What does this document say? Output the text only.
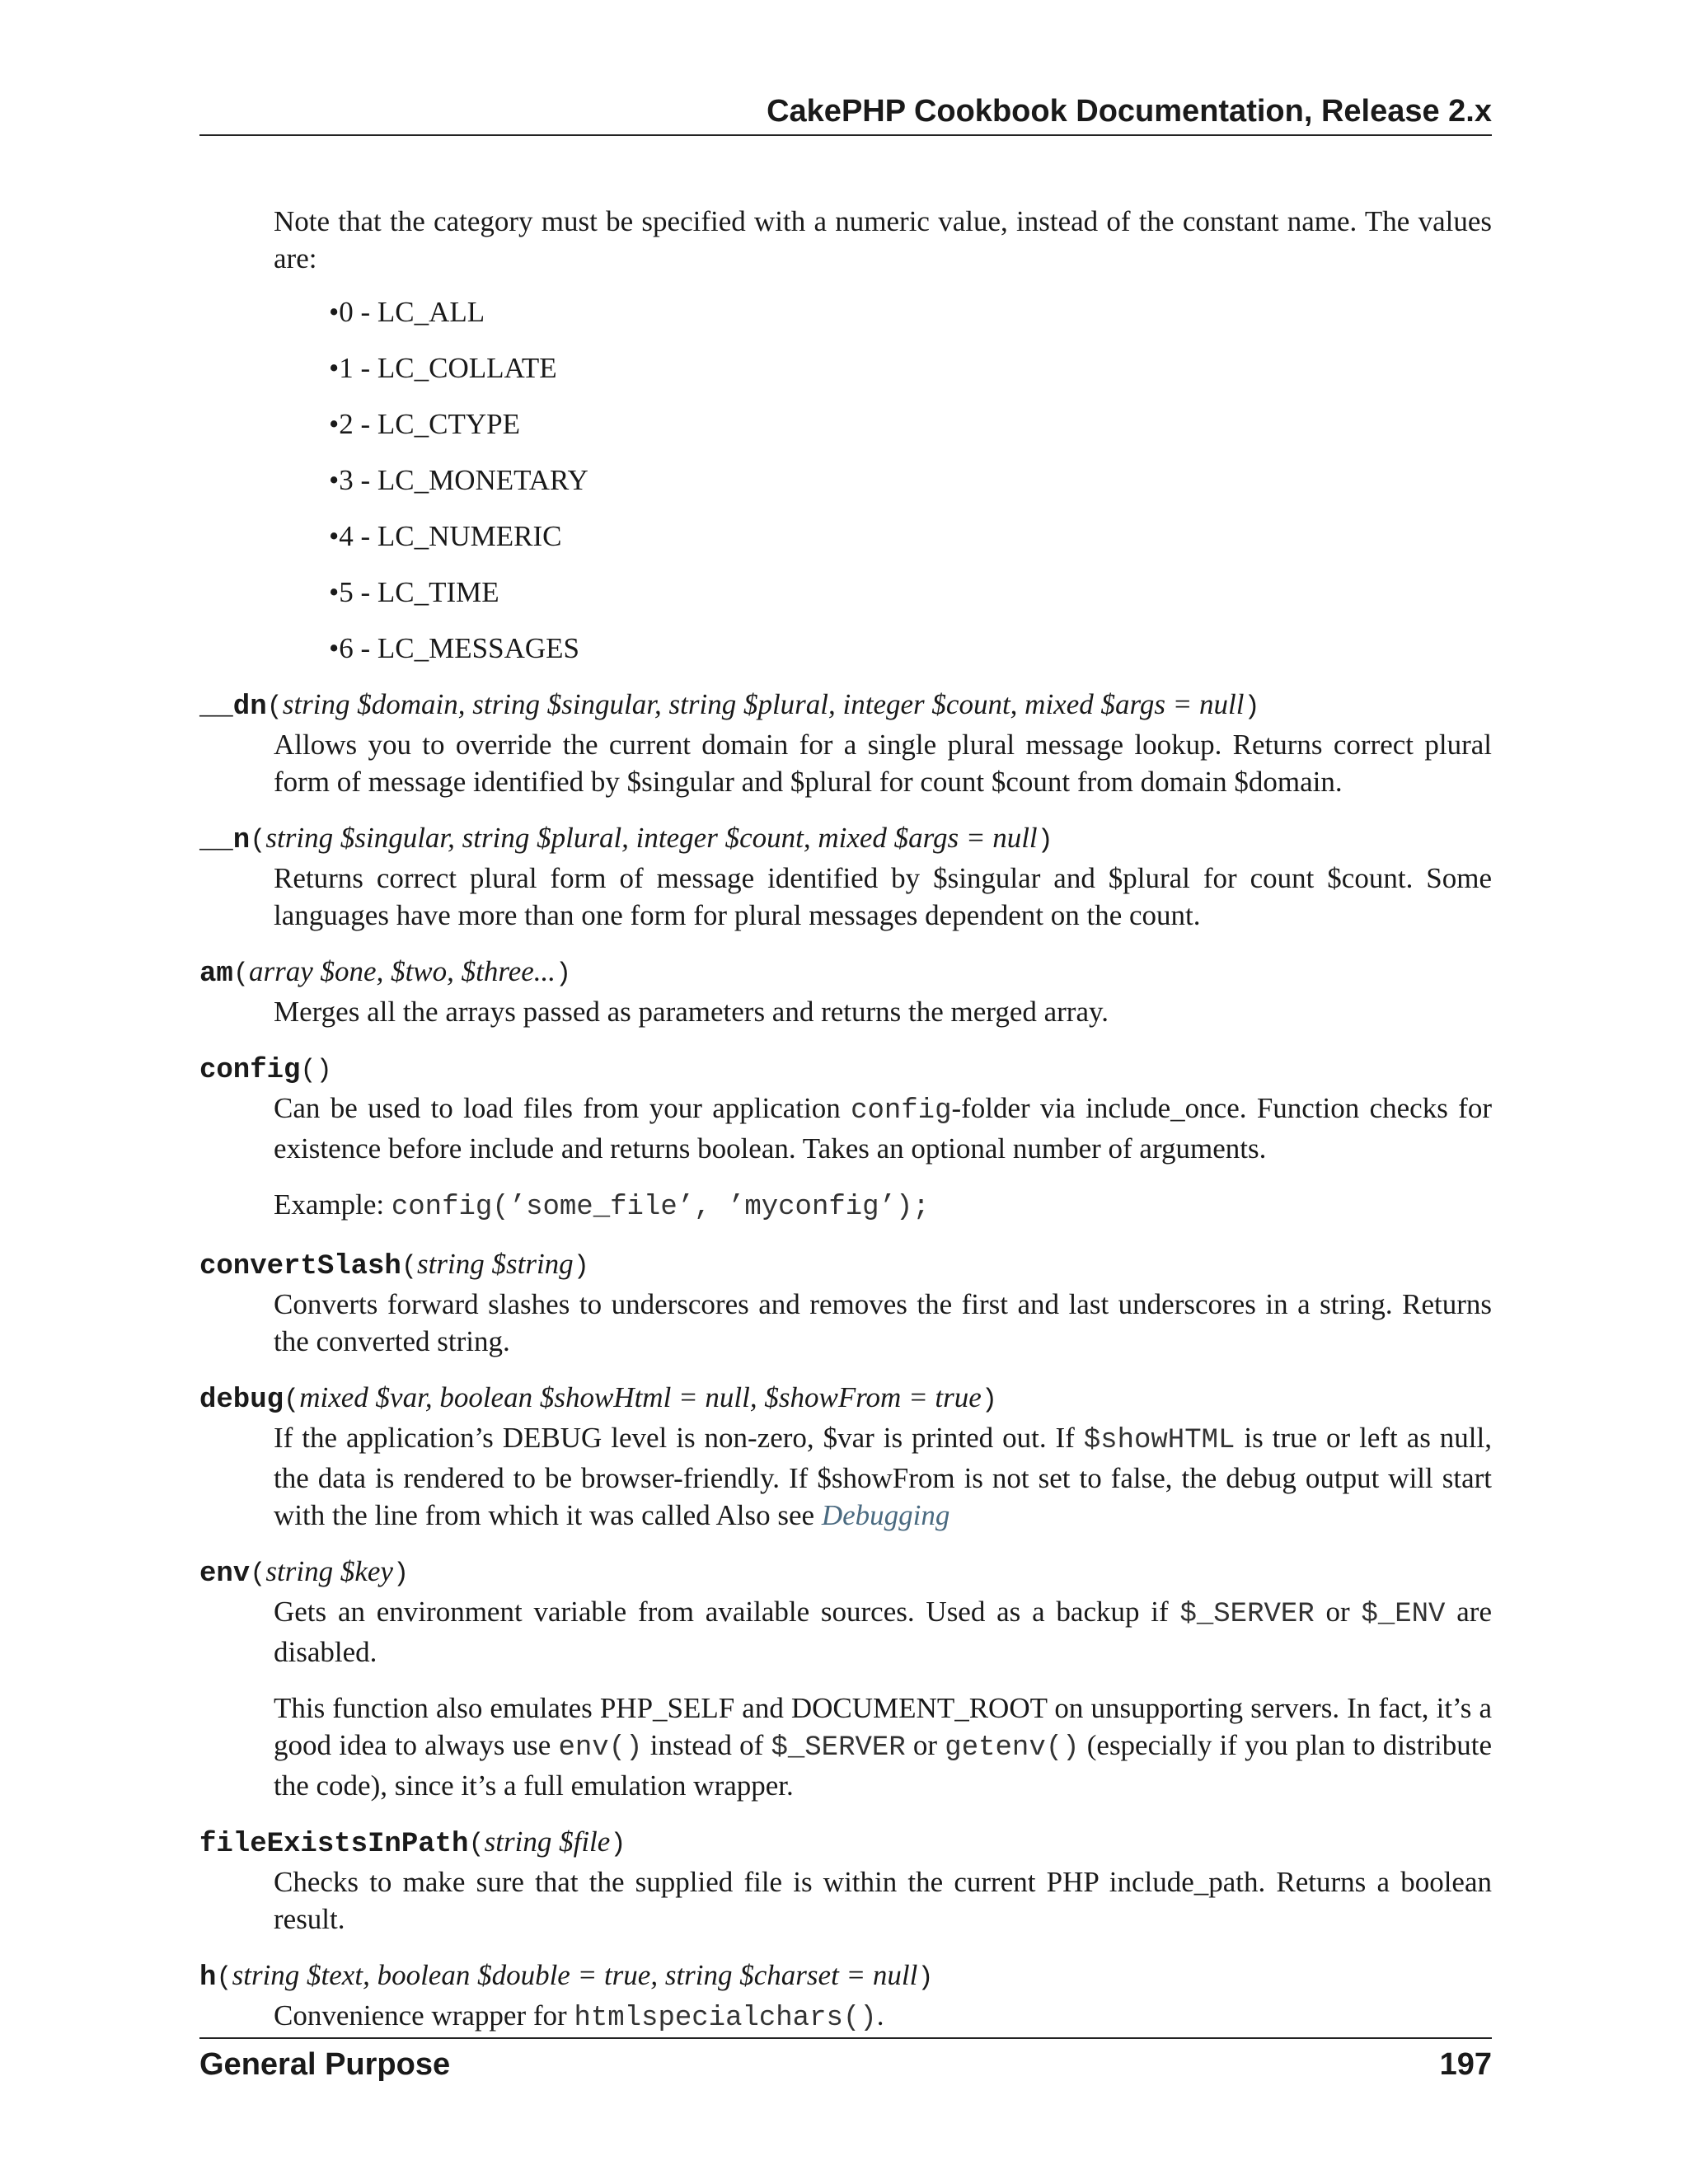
CakePHP Cookbook Documentation, Release 2.x

Note that the category must be specified with a numeric value, instead of the constant name. The values are:

•0 - LC_ALL
•1 - LC_COLLATE
•2 - LC_CTYPE
•3 - LC_MONETARY
•4 - LC_NUMERIC
•5 - LC_TIME
•6 - LC_MESSAGES
__dn(string $domain, string $singular, string $plural, integer $count, mixed $args = null)

Allows you to override the current domain for a single plural message lookup. Returns correct plural form of message identified by $singular and $plural for count $count from domain $domain.

__n(string $singular, string $plural, integer $count, mixed $args = null)

Returns correct plural form of message identified by $singular and $plural for count $count. Some languages have more than one form for plural messages dependent on the count.

am(array $one, $two, $three...)

Merges all the arrays passed as parameters and returns the merged array.

config()

Can be used to load files from your application config-folder via include_once. Function checks for existence before include and returns boolean. Takes an optional number of arguments.

Example: config(’some_file’, ’myconfig’);

convertSlash(string $string)

Converts forward slashes to underscores and removes the first and last underscores in a string. Returns the converted string.

debug(mixed $var, boolean $showHtml = null, $showFrom = true)

If the application’s DEBUG level is non-zero, $var is printed out. If $showHTML is true or left as null, the data is rendered to be browser-friendly. If $showFrom is not set to false, the debug output will start with the line from which it was called Also see Debugging

env(string $key)

Gets an environment variable from available sources. Used as a backup if $_SERVER or $_ENV are disabled.

This function also emulates PHP_SELF and DOCUMENT_ROOT on unsupporting servers. In fact, it’s a good idea to always use env() instead of $_SERVER or getenv() (especially if you plan to distribute the code), since it’s a full emulation wrapper.

fileExistsInPath(string $file)

Checks to make sure that the supplied file is within the current PHP include_path. Returns a boolean result.

h(string $text, boolean $double = true, string $charset = null)

Convenience wrapper for htmlspecialchars().

General Purpose	197
